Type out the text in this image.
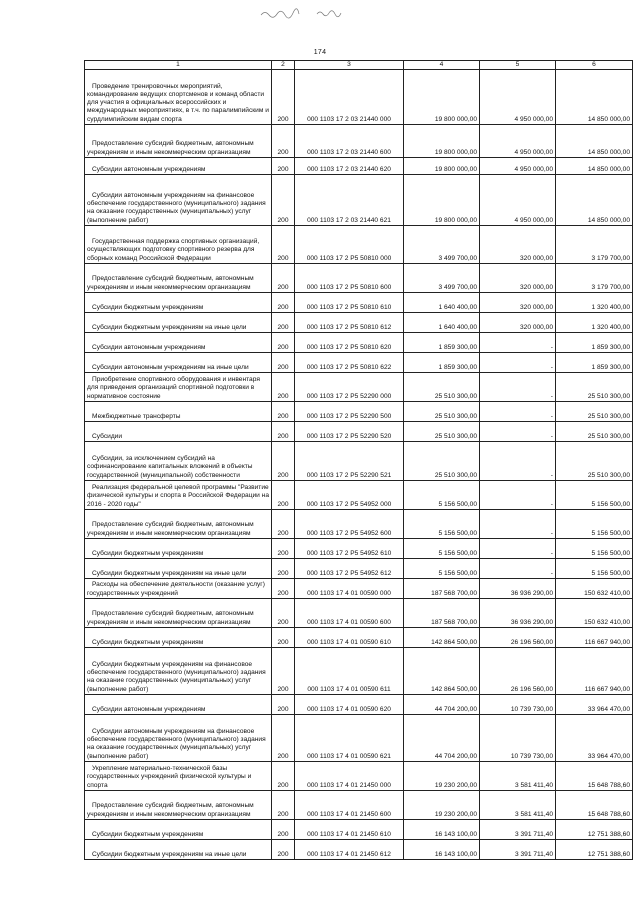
174
1	2	3	4	5	6
Проведение тренировочных мероприятий, командирование ведущих спортсменов и команд области для участия в официальных всероссийских и международных мероприятиях, в т.ч. по паралимпийским и сурдлимпийским видам спорта	200	000 1103 17 2 03 21440 000	19 800 000,00	4 950 000,00	14 850 000,00
Предоставление субсидий бюджетным, автономным учреждениям и иным некоммерческим организациям	200	000 1103 17 2 03 21440 600	19 800 000,00	4 950 000,00	14 850 000,00
Субсидии автономным учреждениям	200	000 1103 17 2 03 21440 620	19 800 000,00	4 950 000,00	14 850 000,00
Субсидии автономным учреждениям на финансовое обеспечение государственного (муниципального) задания на оказание государственных (муниципальных) услуг (выполнение работ)	200	000 1103 17 2 03 21440 621	19 800 000,00	4 950 000,00	14 850 000,00
Государственная поддержка спортивных организаций, осуществляющих подготовку спортивного резерва для сборных команд Российской Федерации	200	000 1103 17 2 P5 50810 000	3 499 700,00	320 000,00	3 179 700,00
Предоставление субсидий бюджетным, автономным учреждениям и иным некоммерческим организациям	200	000 1103 17 2 P5 50810 600	3 499 700,00	320 000,00	3 179 700,00
Субсидии бюджетным учреждениям	200	000 1103 17 2 P5 50810 610	1 640 400,00	320 000,00	1 320 400,00
Субсидии бюджетным учреждениям на иные цели	200	000 1103 17 2 P5 50810 612	1 640 400,00	320 000,00	1 320 400,00
Субсидии автономным учреждениям	200	000 1103 17 2 P5 50810 620	1 859 300,00	-	1 859 300,00
Субсидии автономным учреждениям на иные цели	200	000 1103 17 2 P5 50810 622	1 859 300,00	-	1 859 300,00
Приобретение спортивного оборудования и инвентаря для приведения организаций спортивной подготовки в нормативное состояние	200	000 1103 17 2 P5 52290 000	25 510 300,00	-	25 510 300,00
Межбюджетные трансферты	200	000 1103 17 2 P5 52290 500	25 510 300,00	-	25 510 300,00
Субсидии	200	000 1103 17 2 P5 52290 520	25 510 300,00	-	25 510 300,00
Субсидии, за исключением субсидий на софинансирование капитальных вложений в объекты государственной (муниципальной) собственности	200	000 1103 17 2 P5 52290 521	25 510 300,00	-	25 510 300,00
Реализация федеральной целевой программы "Развитие физической культуры и спорта в Российской Федерации на 2016 - 2020 годы"	200	000 1103 17 2 P5 54952 000	5 156 500,00	-	5 156 500,00
Предоставление субсидий бюджетным, автономным учреждениям и иным некоммерческим организациям	200	000 1103 17 2 P5 54952 600	5 156 500,00	-	5 156 500,00
Субсидии бюджетным учреждениям	200	000 1103 17 2 P5 54952 610	5 156 500,00	-	5 156 500,00
Субсидии бюджетным учреждениям на иные цели	200	000 1103 17 2 P5 54952 612	5 156 500,00	-	5 156 500,00
Расходы на обеспечение деятельности (оказание услуг) государственных учреждений	200	000 1103 17 4 01 00590 000	187 568 700,00	36 936 290,00	150 632 410,00
Предоставление субсидий бюджетным, автономным учреждениям и иным некоммерческим организациям	200	000 1103 17 4 01 00590 600	187 568 700,00	36 936 290,00	150 632 410,00
Субсидии бюджетным учреждениям	200	000 1103 17 4 01 00590 610	142 864 500,00	26 196 560,00	116 667 940,00
Субсидии бюджетным учреждениям на финансовое обеспечение государственного (муниципального) задания на оказание государственных (муниципальных) услуг (выполнение работ)	200	000 1103 17 4 01 00590 611	142 864 500,00	26 196 560,00	116 667 940,00
Субсидии автономным учреждениям	200	000 1103 17 4 01 00590 620	44 704 200,00	10 739 730,00	33 964 470,00
Субсидии автономным учреждениям на финансовое обеспечение государственного (муниципального) задания на оказание государственных (муниципальных) услуг (выполнение работ)	200	000 1103 17 4 01 00590 621	44 704 200,00	10 739 730,00	33 964 470,00
Укрепление материально-технической базы государственных учреждений физической культуры и спорта	200	000 1103 17 4 01 21450 000	19 230 200,00	3 581 411,40	15 648 788,60
Предоставление субсидий бюджетным, автономным учреждениям и иным некоммерческим организациям	200	000 1103 17 4 01 21450 600	19 230 200,00	3 581 411,40	15 648 788,60
Субсидии бюджетным учреждениям	200	000 1103 17 4 01 21450 610	16 143 100,00	3 391 711,40	12 751 388,60
Субсидии бюджетным учреждениям на иные цели	200	000 1103 17 4 01 21450 612	16 143 100,00	3 391 711,40	12 751 388,60
